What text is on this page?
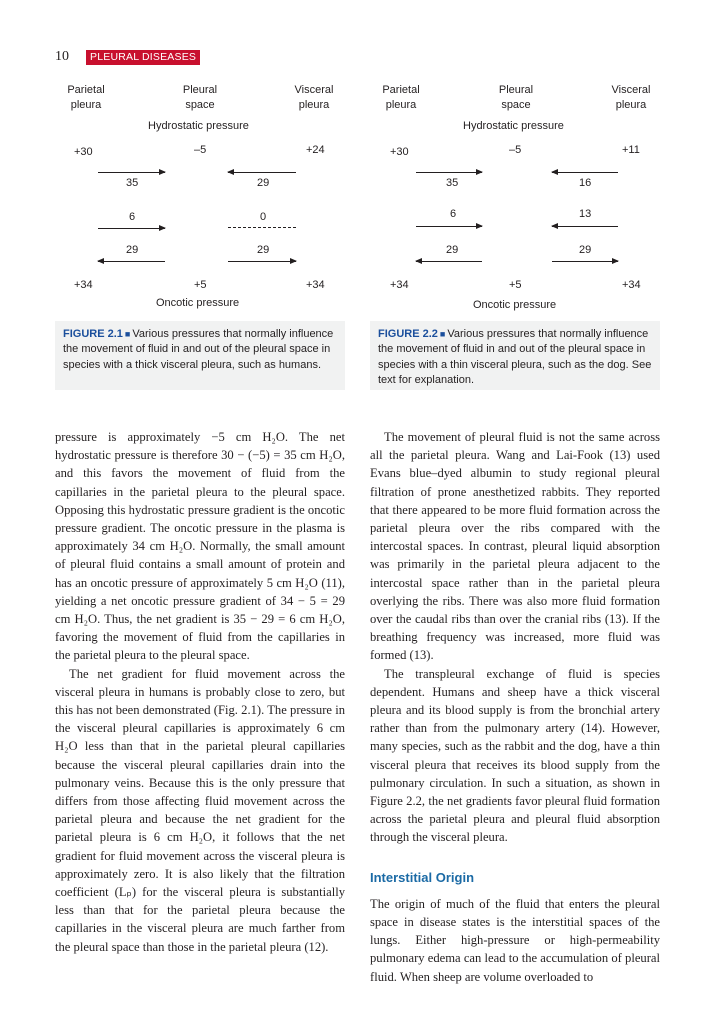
10	PLEURAL DISEASES
Parietal
pleura
Pleural
space
Visceral
pleura
Hydrostatic pressure
+30	–5	+24
35	29
6	0
29	29
+34	+5	+34
Oncotic pressure
FIGURE 2.1 ■ Various pressures that normally influence the movement of fluid in and out of the pleural space in species with a thick visceral pleura, such as humans.
Parietal
pleura
Pleural
space
Visceral
pleura
Hydrostatic pressure
+30	–5	+11
35	16
6	13
29	29
+34	+5	+34
Oncotic pressure
FIGURE 2.2 ■ Various pressures that normally influence the movement of fluid in and out of the pleural space in species with a thin visceral pleura, such as the dog. See text for explanation.

pressure is approximately −5 cm H₂O. The net hydrostatic pressure is therefore 30 − (−5) = 35 cm H₂O, and this favors the movement of fluid from the capillaries in the parietal pleura to the pleural space. Opposing this hydrostatic pressure gradient is the oncotic pressure gradient. The oncotic pressure in the plasma is approximately 34 cm H₂O. Normally, the small amount of pleural fluid contains a small amount of protein and has an oncotic pressure of approximately 5 cm H₂O (11), yielding a net oncotic pressure gradient of 34 − 5 = 29 cm H₂O. Thus, the net gradient is 35 − 29 = 6 cm H₂O, favoring the movement of fluid from the capillaries in the parietal pleura to the pleural space.

The net gradient for fluid movement across the visceral pleura in humans is probably close to zero, but this has not been demonstrated (Fig. 2.1). The pressure in the visceral pleural capillaries is approximately 6 cm H₂O less than that in the parietal pleural capillaries because the visceral pleural capillaries drain into the pulmonary veins. Because this is the only pressure that differs from those affecting fluid movement across the parietal pleura and because the net gradient for the parietal pleura is 6 cm H₂O, it follows that the net gradient for fluid movement across the visceral pleura is approximately zero. It is also likely that the filtration coefficient (Lₚ) for the visceral pleura is substantially less than that for the parietal pleura because the capillaries in the visceral pleura are much farther from the pleural space than those in the parietal pleura (12).

The movement of pleural fluid is not the same across all the parietal pleura. Wang and Lai-Fook (13) used Evans blue–dyed albumin to study regional pleural filtration of prone anesthetized rabbits. They reported that there appeared to be more fluid formation across the parietal pleura over the ribs compared with the intercostal spaces. In contrast, pleural liquid absorption was primarily in the parietal pleura adjacent to the intercostal space rather than in the parietal pleura overlying the ribs. There was also more fluid formation over the caudal ribs than over the cranial ribs (13). If the breathing frequency was increased, more fluid was formed (13).

The transpleural exchange of fluid is species dependent. Humans and sheep have a thick visceral pleura and its blood supply is from the bronchial artery rather than from the pulmonary artery (14). However, many species, such as the rabbit and the dog, have a thin visceral pleura that receives its blood supply from the pulmonary circulation. In such a situation, as shown in Figure 2.2, the net gradients favor pleural fluid formation across the parietal pleura and pleural fluid absorption through the visceral pleura.

Interstitial Origin

The origin of much of the fluid that enters the pleural space in disease states is the interstitial spaces of the lungs. Either high-pressure or high-permeability pulmonary edema can lead to the accumulation of pleural fluid. When sheep are volume overloaded to
